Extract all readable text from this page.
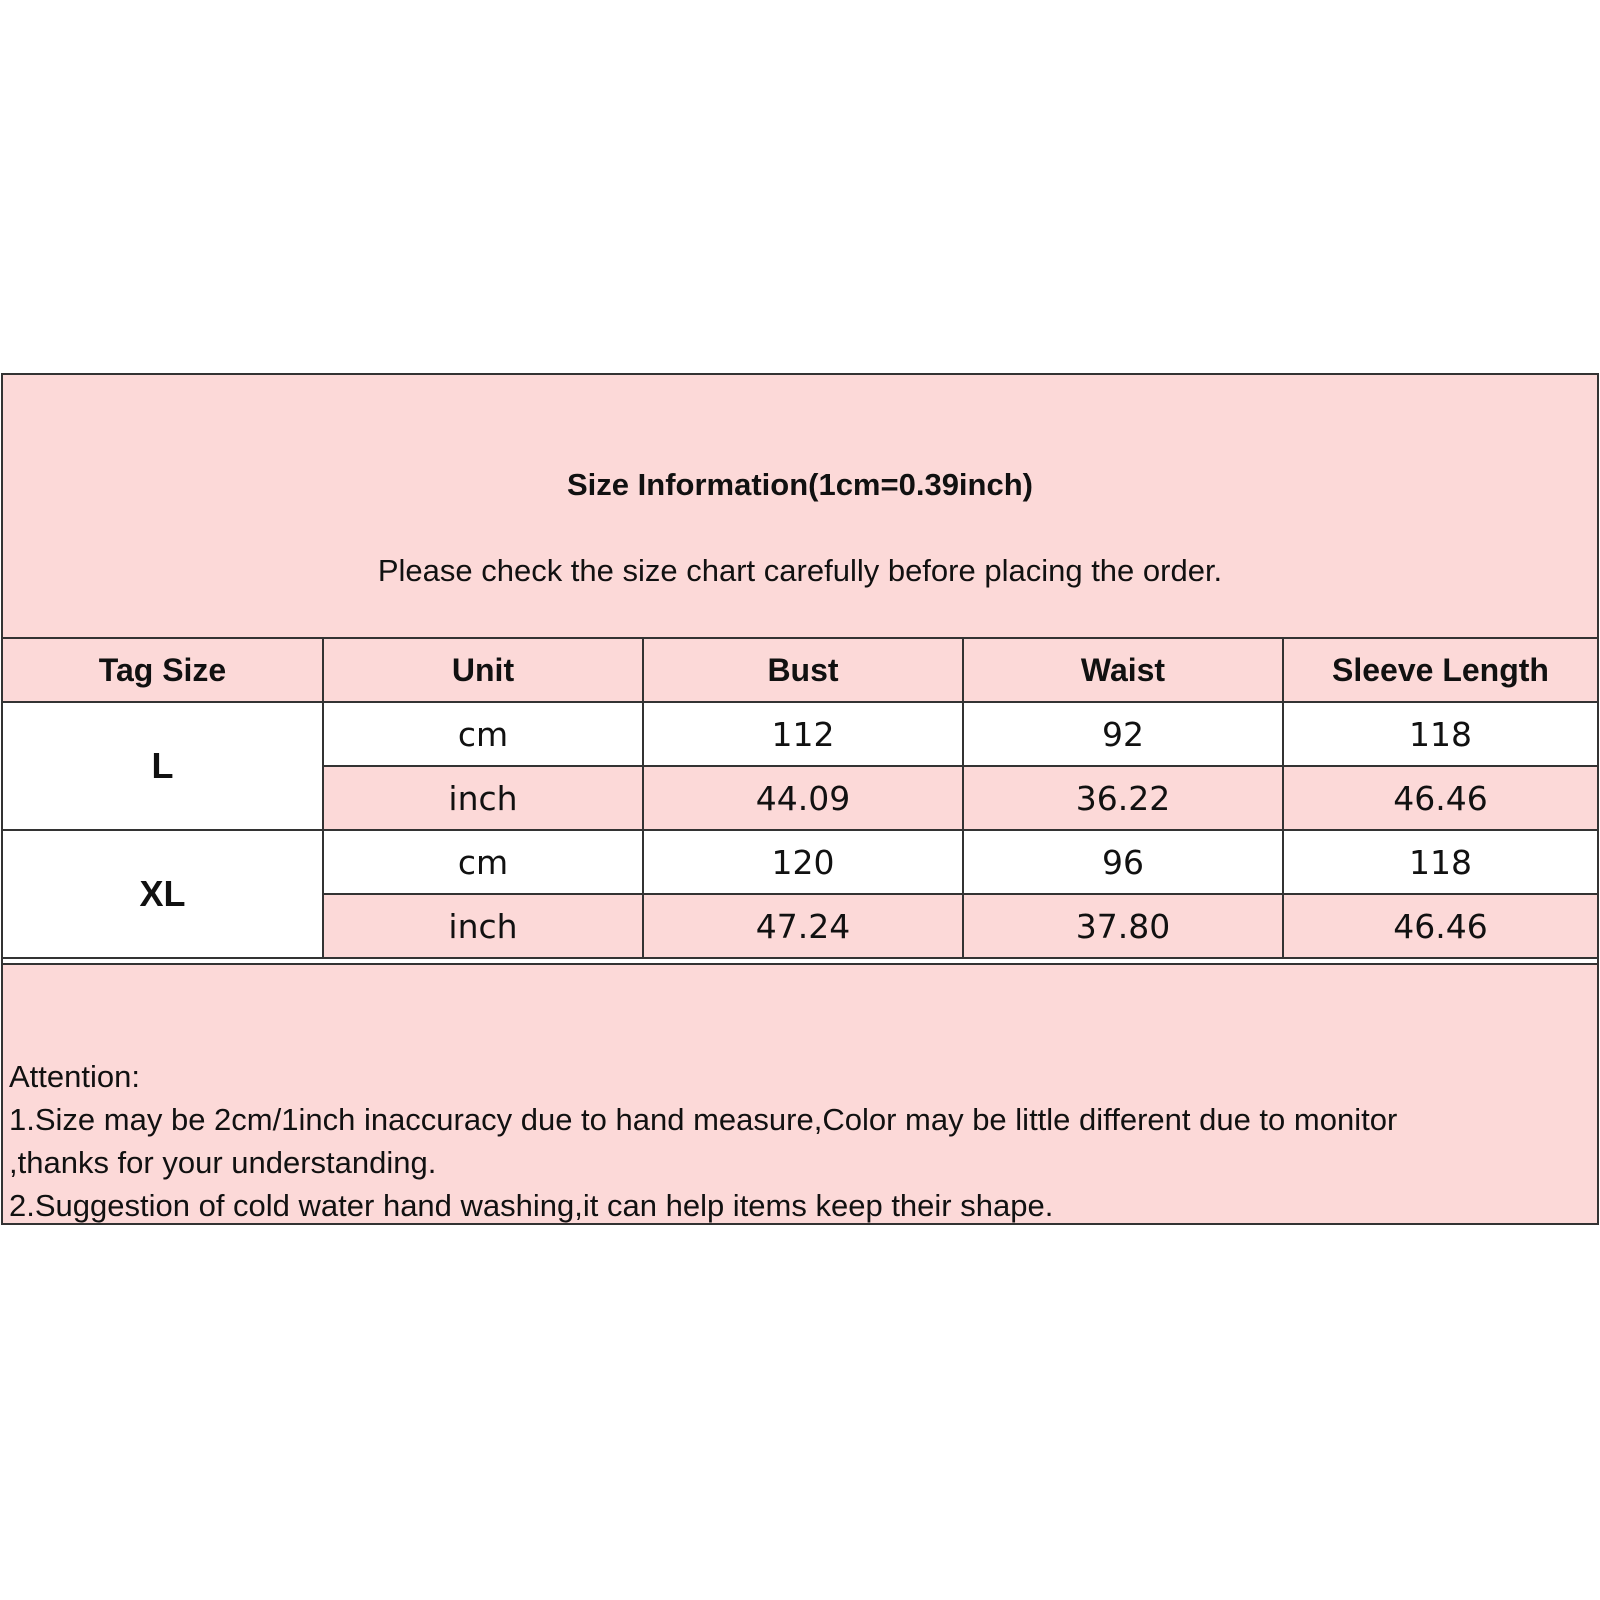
Size Information(1cm=0.39inch)
Please check the size chart carefully before placing the order.
Tag Size	Unit	Bust	Waist	Sleeve Length
L	cm	112	92	118
	inch	44.09	36.22	46.46
XL	cm	120	96	118
	inch	47.24	37.80	46.46
Attention:
1.Size may be 2cm/1inch inaccuracy due to hand measure,Color may be little different due to monitor
,thanks for your understanding.
2.Suggestion of cold water hand washing,it can help items keep their shape.
